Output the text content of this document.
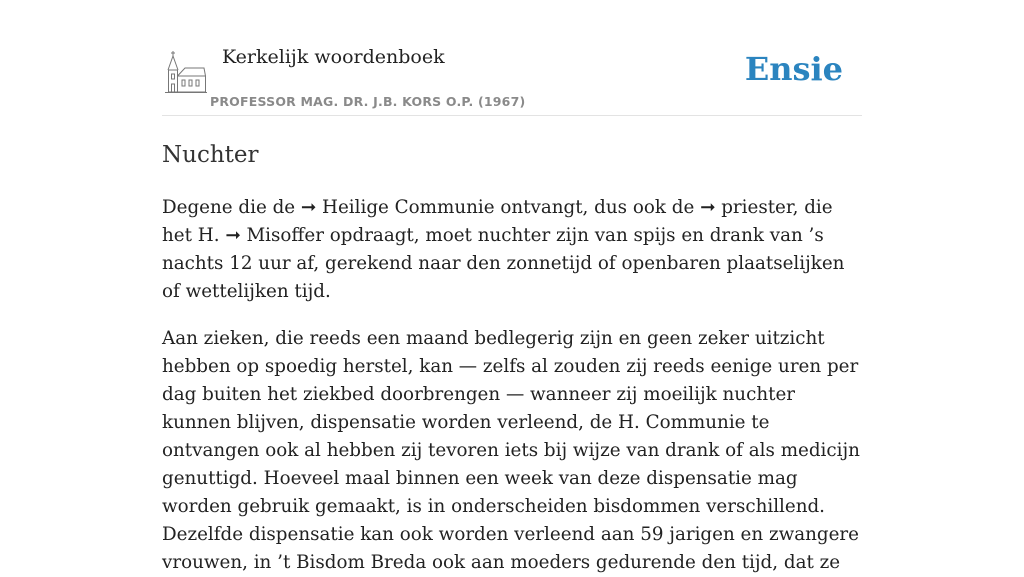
Kerkelijk woordenboek
PROFESSOR MAG. DR. J.B. KORS O.P. (1967)
Ensie
Nuchter

Degene die de ➞ Heilige Communie ontvangt, dus ook de ➞ priester, die het H. ➞ Misoffer opdraagt, moet nuchter zijn van spijs en drank van ’s nachts 12 uur af, gerekend naar den zonnetijd of openbaren plaatselijken of wettelijken tijd.

Aan zieken, die reeds een maand bedlegerig zijn en geen zeker uitzicht hebben op spoedig herstel, kan — zelfs al zouden zij reeds eenige uren per dag buiten het ziekbed doorbrengen — wanneer zij moeilijk nuchter kunnen blijven, dispensatie worden verleend, de H. Communie te ontvangen ook al hebben zij tevoren iets bij wijze van drank of als medicijn genuttigd. Hoeveel maal binnen een week van deze dispensatie mag worden gebruik gemaakt, is in onderscheiden bisdommen verschillend. Dezelfde dispensatie kan ook worden verleend aan 59 jarigen en zwangere vrouwen, in ’t Bisdom Breda ook aan moeders gedurende den tijd, dat ze
